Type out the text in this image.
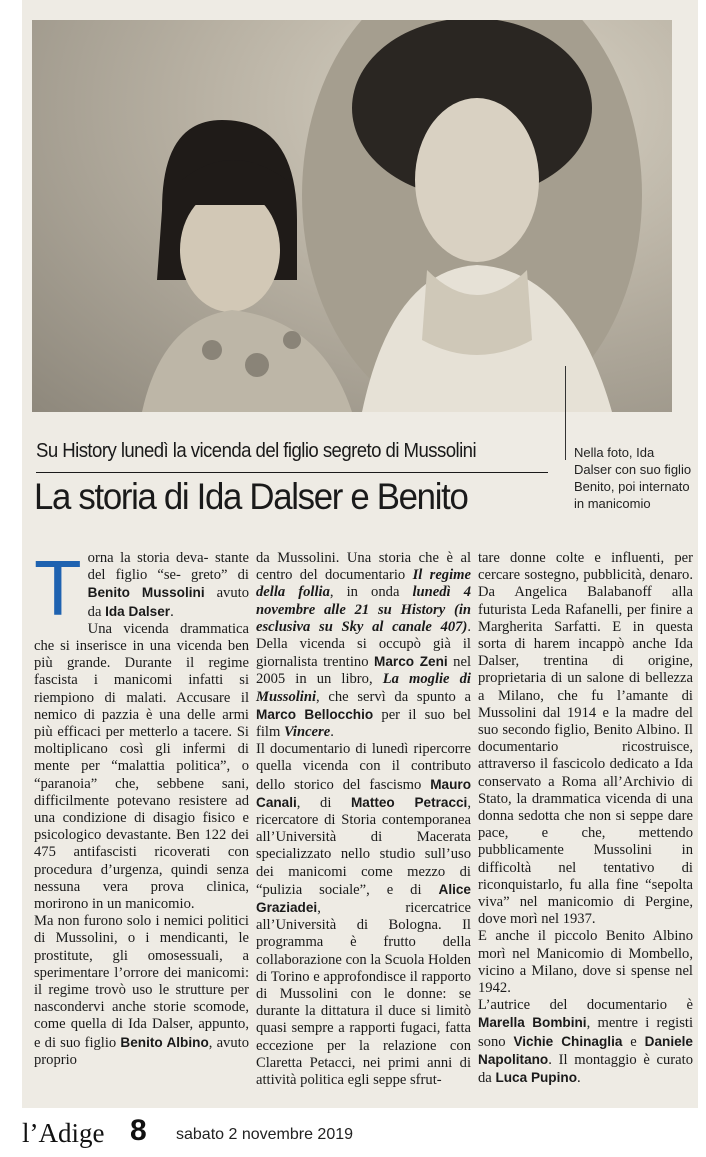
Nella foto, Ida Dalser con suo figlio Benito, poi internato in manicomio
Su History lunedì la vicenda del figlio segreto di Mussolini
La storia di Ida Dalser e Benito

Torna la storia deva- stante del figlio “se- greto” di Benito Mussolini avuto da Ida Dalser.

Una vicenda drammatica che si inserisce in una vicenda ben più grande. Durante il regime fascista i manicomi infatti si riempiono di malati. Accusare il nemico di pazzia è una delle armi più efficaci per metterlo a tacere. Si moltiplicano così gli infermi di mente per “malattia politica”, o “paranoia” che, sebbene sani, difficilmente potevano resistere ad una condizione di disagio fisico e psicologico devastante. Ben 122 dei 475 antifascisti ricoverati con procedura d’urgenza, quindi senza nessuna vera prova clinica, morirono in un manicomio.

Ma non furono solo i nemici politici di Mussolini, o i mendicanti, le prostitute, gli omosessuali, a sperimentare l’orrore dei manicomi: il regime trovò uso le strutture per nascondervi anche storie scomode, come quella di Ida Dalser, appunto, e di suo figlio Benito Albino, avuto proprio

da Mussolini. Una storia che è al centro del documentario Il regime della follia, in onda lunedì 4 novembre alle 21 su History (in esclusiva su Sky al canale 407). Della vicenda si occupò già il giornalista trentino Marco Zeni nel 2005 in un libro, La moglie di Mussolini, che servì da spunto a Marco Bellocchio per il suo bel film Vincere.

Il documentario di lunedì ripercorre quella vicenda con il contributo dello storico del fascismo Mauro Canali, di Matteo Petracci, ricercatore di Storia contemporanea all’Università di Macerata specializzato nello studio sull’uso dei manicomi come mezzo di “pulizia sociale”, e di Alice Graziadei, ricercatrice all’Università di Bologna. Il programma è frutto della collaborazione con la Scuola Holden di Torino e approfondisce il rapporto di Mussolini con le donne: se durante la dittatura il duce si limitò quasi sempre a rapporti fugaci, fatta eccezione per la relazione con Claretta Petacci, nei primi anni di attività politica egli seppe sfrut-

tare donne colte e influenti, per cercare sostegno, pubblicità, denaro. Da Angelica Balabanoff alla futurista Leda Rafanelli, per finire a Margherita Sarfatti. E in questa sorta di harem incappò anche Ida Dalser, trentina di origine, proprietaria di un salone di bellezza a Milano, che fu l’amante di Mussolini dal 1914 e la madre del suo secondo figlio, Benito Albino. Il documentario ricostruisce, attraverso il fascicolo dedicato a Ida conservato a Roma all’Archivio di Stato, la drammatica vicenda di una donna sedotta che non si seppe dare pace, e che, mettendo pubblicamente Mussolini in difficoltà nel tentativo di riconquistarlo, fu alla fine “sepolta viva” nel manicomio di Pergine, dove morì nel 1937.

E anche il piccolo Benito Albino morì nel Manicomio di Mombello, vicino a Milano, dove si spense nel 1942.

L’autrice del documentario è Marella Bombini, mentre i registi sono Vichie Chinaglia e Daniele Napolitano. Il montaggio è curato da Luca Pupino.

l’Adige 8 sabato 2 novembre 2019
